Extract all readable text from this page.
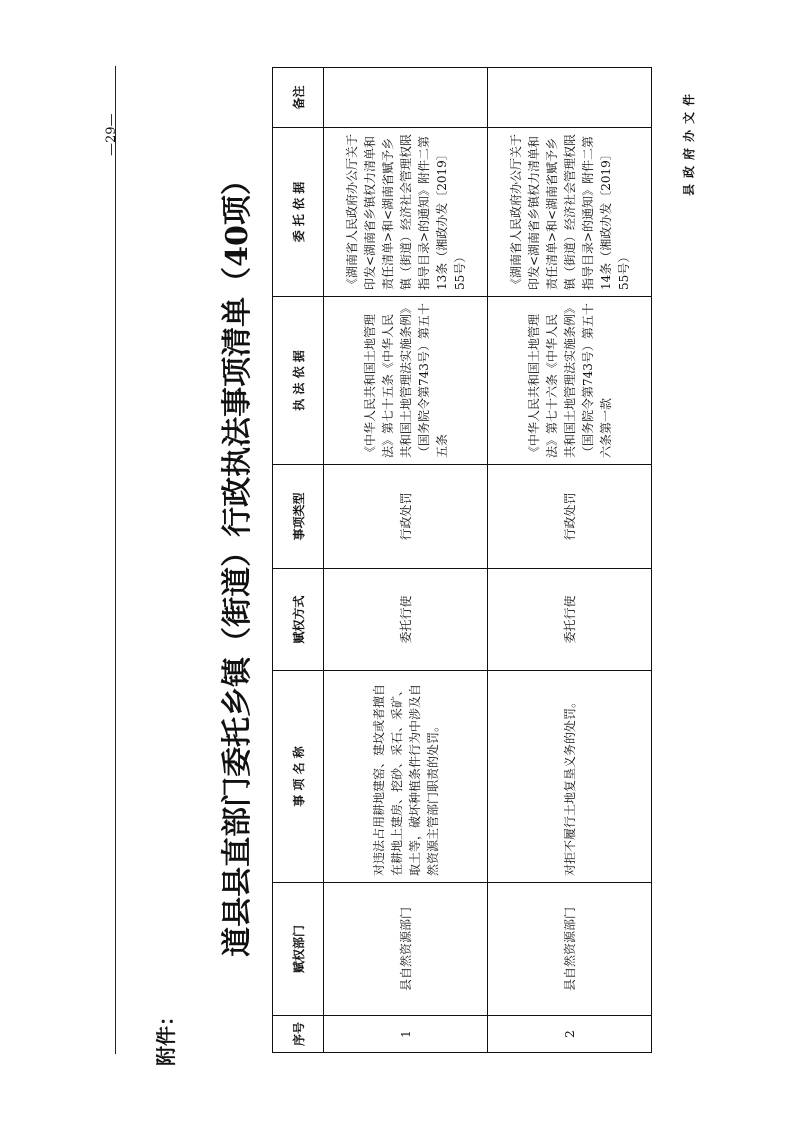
县政府办文件
—29—
附件：
道县县直部门委托乡镇（街道）行政执法事项清单（40项）
序号	赋权部门	事 项 名 称	赋权方式	事项类型	执 法 依 据	委 托 依 据	备注
1	县自然资源部门	对违法占用耕地建窑、建坟或者擅自在耕地上建房、挖砂、采石、采矿、取土等，破坏种植条件行为中涉及自然资源主管部门职责的处罚。	委托行使	行政处罚	《中华人民共和国土地管理法》第七十五条《中华人民共和国土地管理法实施条例》（国务院令第743号）第五十五条	《湖南省人民政府办公厅关于印发<湖南省乡镇权力清单和责任清单>和<湖南省赋予乡镇（街道）经济社会管理权限指导目录>的通知》附件二第13条（湘政办发〔2019〕55号）	
2	县自然资源部门	对拒不履行土地复垦义务的处罚。	委托行使	行政处罚	《中华人民共和国土地管理法》第七十六条《中华人民共和国土地管理法实施条例》（国务院令第743号）第五十六条第一款	《湖南省人民政府办公厅关于印发<湖南省乡镇权力清单和责任清单>和<湖南省赋予乡镇（街道）经济社会管理权限指导目录>的通知》附件二第14条（湘政办发〔2019〕55号）	
